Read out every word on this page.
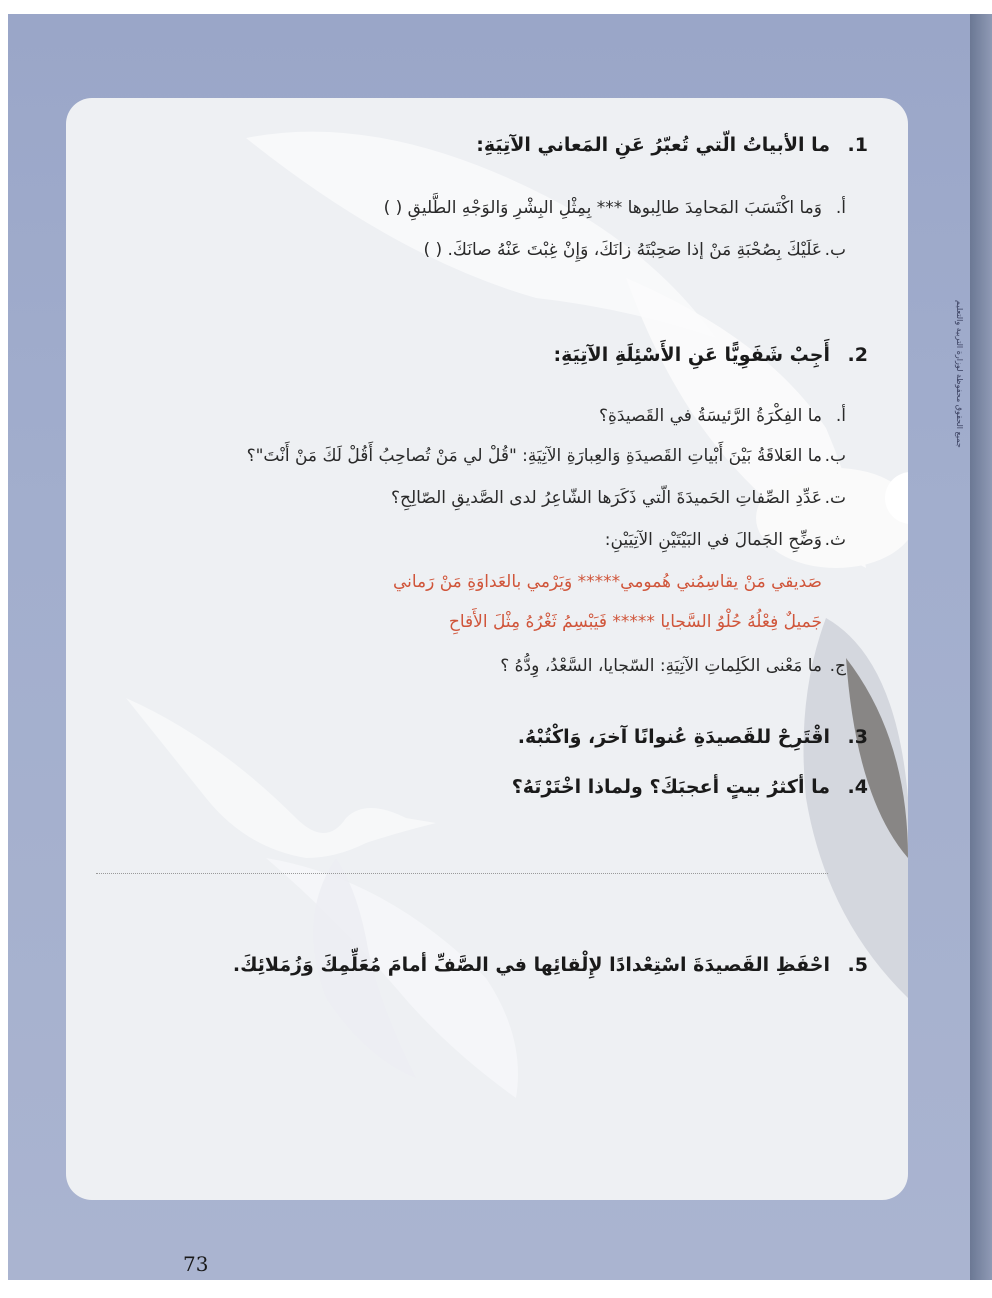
جميع الحقوق محفوظة لوزارة التربية والتعليم
1.ما الأبياتُ الّتي تُعبّرُ عَنِ المَعاني الآتِيَةِ:
أ.وَما اكْتَسَبَ المَحامِدَ طالِبوها *** بِمِثْلِ البِشْرِ وَالوَجْهِ الطَّليقِ ( )
ب.عَلَيْكَ بِصُحْبَةِ مَنْ إذا صَحِبْتَهُ زانَكَ، وَإِنْ غِبْتَ عَنْهُ صانَكَ. ( )
2.أَجِبْ شَفَوِيًّا عَنِ الأَسْئِلَةِ الآتِيَةِ:
أ.ما الفِكْرَةُ الرَّئيسَةُ في القَصيدَةِ؟
ب.ما العَلاقَةُ بَيْنَ أَبْياتِ القَصيدَةِ وَالعِبارَةِ الآتِيَةِ: "قُلْ لي مَنْ تُصاحِبُ أَقُلْ لَكَ مَنْ أَنْتَ"؟
ت.عَدِّدِ الصِّفاتِ الحَميدَةَ الّتي ذَكَرَها الشّاعِرُ لدى الصَّديقِ الصّالِحِ؟
ث.وَضِّحِ الجَمالَ في البَيْتَيْنِ الآتِيَيْنِ:
صَديقي مَنْ يقاسِمُني هُمومي***** وَيَرْمي بالعَداوَةِ مَنْ رَماني
جَميلٌ فِعْلُهُ حُلْوُ السَّجايا ***** فَيَبْسِمُ ثَغْرُهُ مِثْلَ الأَقاحِ
ج.ما مَعْنى الكَلِماتِ الآتِيَةِ: السّجايا، السَّعْدُ، وِدُّهُ ؟
3.اقْتَرِحْ للقَصيدَةِ عُنوانًا آخرَ، وَاكْتُبْهُ.
4.ما أكثرُ بيتٍ أعجبَكَ؟ ولماذا اخْتَرْتَهُ؟
5.احْفَظِ القَصيدَةَ اسْتِعْدادًا لإِلْقائِها في الصَّفِّ أمامَ مُعَلِّمِكَ وَزُمَلائِكَ.
73
